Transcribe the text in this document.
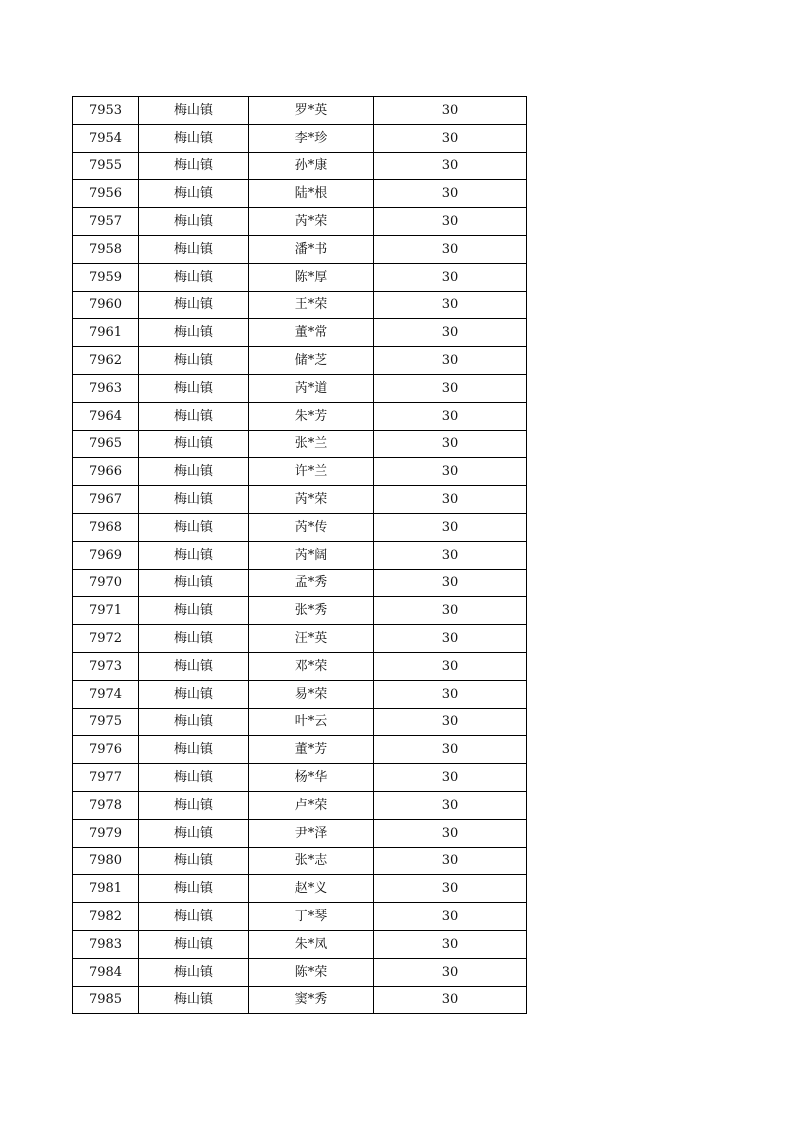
7953	梅山镇	罗*英	30
7954	梅山镇	李*珍	30
7955	梅山镇	孙*康	30
7956	梅山镇	陆*根	30
7957	梅山镇	芮*荣	30
7958	梅山镇	潘*书	30
7959	梅山镇	陈*厚	30
7960	梅山镇	王*荣	30
7961	梅山镇	董*常	30
7962	梅山镇	储*芝	30
7963	梅山镇	芮*道	30
7964	梅山镇	朱*芳	30
7965	梅山镇	张*兰	30
7966	梅山镇	许*兰	30
7967	梅山镇	芮*荣	30
7968	梅山镇	芮*传	30
7969	梅山镇	芮*阔	30
7970	梅山镇	孟*秀	30
7971	梅山镇	张*秀	30
7972	梅山镇	汪*英	30
7973	梅山镇	邓*荣	30
7974	梅山镇	易*荣	30
7975	梅山镇	叶*云	30
7976	梅山镇	董*芳	30
7977	梅山镇	杨*华	30
7978	梅山镇	卢*荣	30
7979	梅山镇	尹*泽	30
7980	梅山镇	张*志	30
7981	梅山镇	赵*义	30
7982	梅山镇	丁*琴	30
7983	梅山镇	朱*凤	30
7984	梅山镇	陈*荣	30
7985	梅山镇	窦*秀	30
